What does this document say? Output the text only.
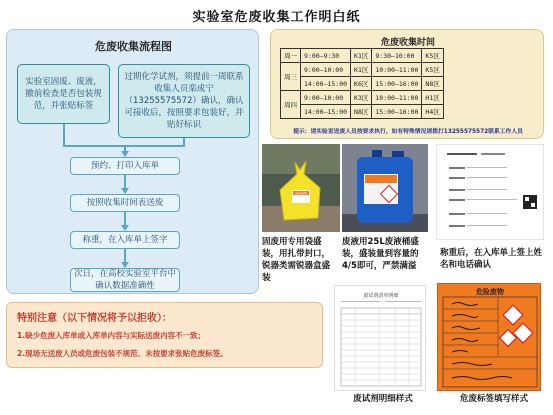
实验室危废收集工作明白纸
危废收集流程图
实验室固废、废液，撤前检查是否包装规范，并张贴标签
过期化学试剂，须提前一周联系收集人员栾成宁（13255575572）确认，确认可接收后，按照要求包装好，并贴好标识
预约、打印入库单
按照收集时间表送废
称重，在入库单上签字
次日，在高校实验室平台中确认数据准确性
危废收集时间
周一	9:00—9:30	K1区	9:30—10:00	K5区
周三	9:00—10:00	K1区	10:00—11:00	K5区
	14:00—15:00	K6区	15:00—16:00	N8区
周四	9:00—10:00	K3区	10:00—11:00	H1区
	14:00—15:00	N8区	15:00—16:00	H4区
提示：请实验室送废人员按要求执行，如有特殊情况请拨打13255575572联系工作人员
危险废物
固废用专用袋盛装，用扎带封口，锐器类需锐器盒盛装
废液用25L废液桶盛装，盛装量到容量的4/5即可，严禁满溢
称重后，在入库单上签上姓名和电话确认
废试剂清单明细
废试剂明细样式
危险废物
危废标签填写样式
特别注意（以下情况将予以拒收）：
1.缺少危废入库单或入库单内容与实际送废内容不一致；
2.现场无送废人员或危废包装不规范、未按要求张贴危废标签。
